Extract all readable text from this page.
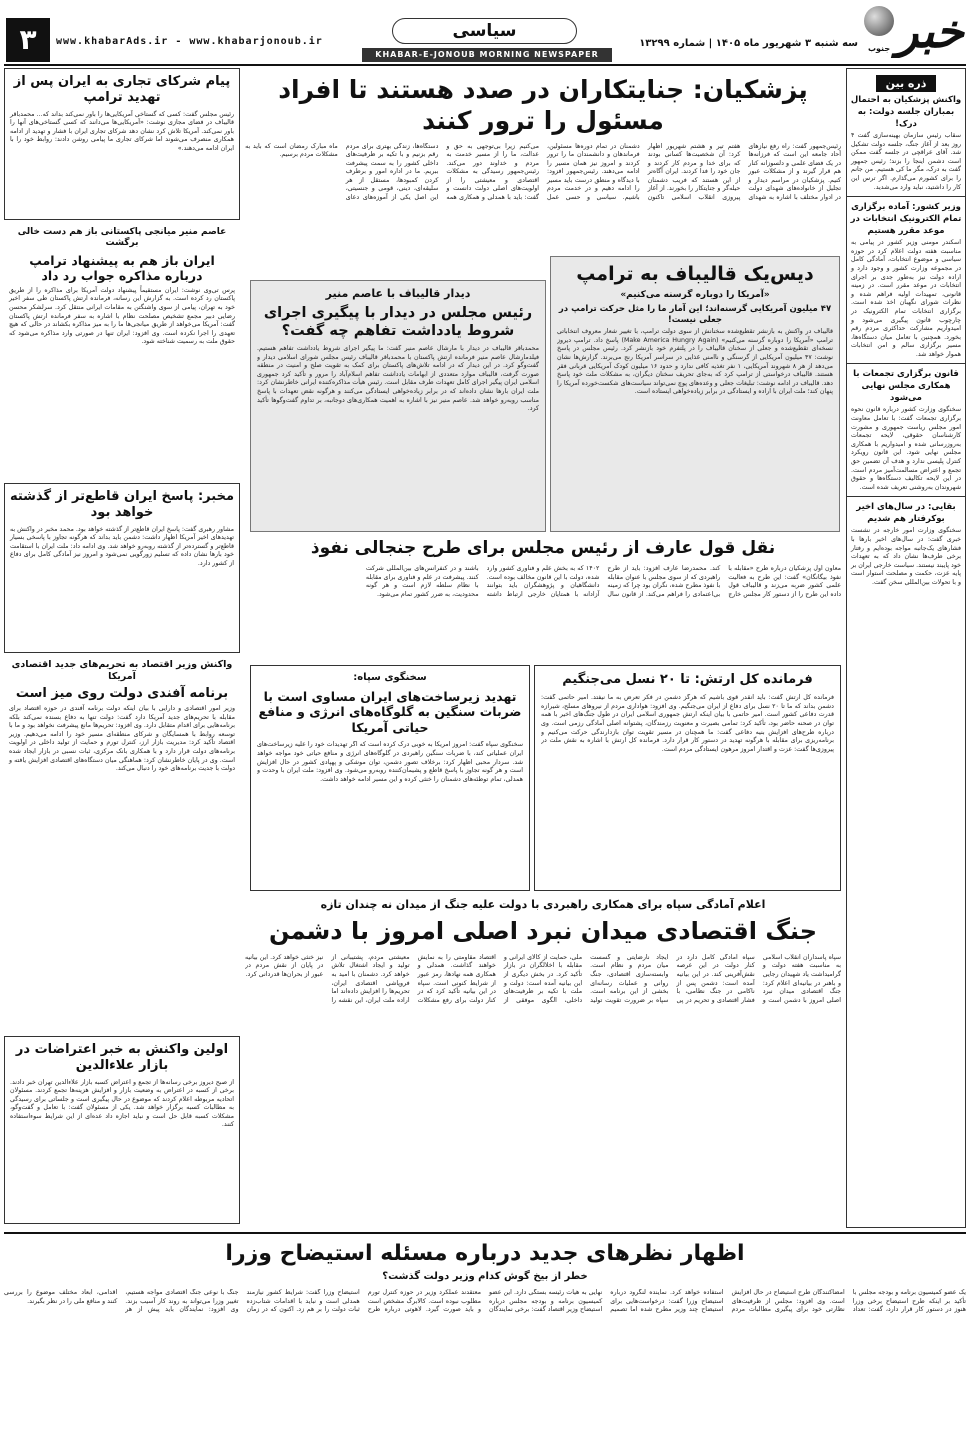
۳	www.khabarAds.ir - www.khabarjonoub.ir
سیاسی
KHABAR-E-JONOUB MORNING NEWSPAPER
سه شنبه ۳ شهریور ماه ۱۴۰۵ | شماره ۱۳۲۹۹ خبر
جنوب
ذره بین
واکنش پزشکیان به احتمال بمباران جلسه دولت: به درک!
سقاب رئیس سازمان بهینه‌سازی گفت ۴ روز بعد از آغاز جنگ، جلسه دولت تشکیل شد. آقای عراقچی در جلسه گفت ممکن است دشمن اینجا را بزند؛ رئیس جمهور گفت به درک، مگر ما کی هستیم. من جانم را برای کشورم می‌گذارم. اگر ترس این کار را داشتید، نباید وارد می‌شدید.
وزیر کشور: آماده برگزاری تمام الکترونیک انتخابات در موعد مقرر هستیم
اسکندر مومنی وزیر کشور در پیامی به مناسبت هفته دولت اعلام کرد در حوزه سیاسی و موضوع انتخابات، آمادگی کامل در مجموعه وزارت کشور و وجود دارد و اراده دولت نیز به‌طور جدی بر اجرای انتخابات در موعد مقرر است. در زمینه قانونی، تمهیدات اولیه فراهم شده و نظرات شورای نگهبان اخذ شده است. برگزاری انتخابات تمام الکترونیک در چارچوب قانون پیگیری می‌شود و امیدواریم مشارکت حداکثری مردم رقم بخورد. همچنین با تعامل میان دستگاه‌ها، مسیر برگزاری سالم و امن انتخابات هموار خواهد شد.
قانون برگزاری تجمعات با همکاری مجلس نهایی می‌شود
سخنگوی وزارت کشور درباره قانون نحوه برگزاری تجمعات گفت: با تعامل معاونت امور مجلس ریاست جمهوری و مشورت کارشناسان حقوقی، لایحه تجمعات به‌روزرسانی شده و امیدواریم با همکاری مجلس نهایی شود. این قانون رویکرد کنترل پلیسی ندارد و هدف آن تضمین حق تجمع و اعتراض مسالمت‌آمیز مردم است. در این لایحه تکالیف دستگاه‌ها و حقوق شهروندان به‌روشنی تعریف شده است.
بقایی: در سال‌های اخیر بوکرفتار هم شدیم
سخنگوی وزارت امور خارجه در نشست خبری گفت: در سال‌های اخیر بارها با فشارهای یک‌جانبه مواجه بوده‌ایم و رفتار برخی طرف‌ها نشان داد که به تعهدات خود پایبند نیستند. سیاست خارجی ایران بر پایه عزت، حکمت و مصلحت استوار است و با تحولات بین‌المللی سخن گفت.
پزشکیان: جنایتکاران در صدد هستند تا افراد مسئول را ترور کنند
رئیس‌جمهور گفت: راه رفع نیازهای آحاد جامعه این است که فرزانه‌ها در یک فضای علمی و دلسوزانه کنار هم قرار گیرند و از مشکلات عبور کنیم. پزشکیان در مراسم دیدار و تجلیل از خانواده‌های شهدای دولت در ادوار مختلف با اشاره به شهدای هفتم تیر و هشتم شهریور اظهار کرد: آن شخصیت‌ها کسانی بودند که برای خدا و مردم کار کردند و جان خود را فدا کردند. ایران آگاه‌تر از این هستند که فریب دشمنان حیله‌گر و جنایتکار را بخورند. از آغاز پیروزی انقلاب اسلامی تاکنون دشمنان در تمام دوره‌ها مسئولین، فرماندهان و دانشمندان ما را ترور کردند و امروز نیز همان مسیر را ادامه می‌دهند. رئیس‌جمهور افزود: با دیدگاه و منطق درست باید مسیر را ادامه دهیم و در خدمت مردم باشیم. سیاسی و حسی عمل می‌کنیم زیرا بی‌توجهی به حق و عدالت، ما را از مسیر خدمت به مردم و خداوند دور می‌کند. رئیس‌جمهور رسیدگی به مشکلات اقتصادی و معیشتی را از اولویت‌های اصلی دولت دانست و گفت: باید با همدلی و همکاری همه دستگاه‌ها، زندگی بهتری برای مردم رقم بزنیم و با تکیه بر ظرفیت‌های داخلی کشور را به سمت پیشرفت ببریم. ما در اداره امور و برطرف کردن کمبودها، مستقل از هر سلیقه‌ای، دینی، قومی و جنسیتی، این اصل یکی از آموزه‌های دعای ماه مبارک رمضان است که باید به مشکلات مردم برسیم.
دیس‌یک قالیباف به ترامپ
«آمریکا را دوباره گرسنه می‌کنیم»
۴۷ میلیون آمریکایی گرسنه‌اند؛ این آمار ما را مثل حرکت ترامپ در جعلی نیست!
قالیباف در واکنش به بازنشر تقطیع‌شده سخنانش از سوی دولت ترامپ، با تغییر شعار معروف انتخاباتی ترامپ «آمریکا را دوباره گرسنه می‌کنیم» (Make America Hungry Again) پاسخ داد. ترامپ دیروز نسخه‌ای تقطیع‌شده و جعلی از سخنان قالیباف را در پلتفرم خود بازنشر کرد. رئیس مجلس در پاسخ نوشت: ۴۷ میلیون آمریکایی از گرسنگی و ناامنی غذایی در سراسر آمریکا رنج می‌برند. گزارش‌ها نشان می‌دهد از هر ۸ شهروند آمریکایی، ۱ نفر تغذیه کافی ندارد و حدود ۱۶ میلیون کودک آمریکایی قربانی فقر هستند. قالیباف درخواستی از ترامپ کرد که به‌جای تحریف سخنان دیگران، به مشکلات ملت خود پاسخ دهد. قالیباف در ادامه نوشت: تبلیغات جعلی و وعده‌های پوچ نمی‌تواند سیاست‌های شکست‌خورده آمریکا را پنهان کند؛ ملت ایران با اراده و ایستادگی در برابر زیاده‌خواهی ایستاده است.
دیدار قالیباف با عاصم منیر
رئیس مجلس در دیدار با پیگیری اجرای شروط یادداشت تفاهم چه گفت؟
محمدباقر قالیباف در دیدار با مارشال عاصم منیر گفت: ما پیگیر اجرای شروط یادداشت تفاهم هستیم. فیلدمارشال عاصم منیر فرمانده ارتش پاکستان با محمدباقر قالیباف رئیس مجلس شورای اسلامی دیدار و گفت‌وگو کرد. در این دیدار که در ادامه تلاش‌های پاکستان برای کمک به تقویت صلح و امنیت در منطقه صورت گرفت، قالیباف موارد متعددی از ابهامات یادداشت تفاهم اسلام‌آباد را مرور و تأکید کرد جمهوری اسلامی ایران پیگیر اجرای کامل تعهدات طرف مقابل است. رئیس هیأت مذاکره‌کننده ایرانی خاطرنشان کرد: ملت ایران بارها نشان داده‌اند که در برابر زیاده‌خواهی ایستادگی می‌کنند و هرگونه نقض تعهدات با پاسخ مناسب روبه‌رو خواهد شد. عاصم منیر نیز با اشاره به اهمیت همکاری‌های دوجانبه، بر تداوم گفت‌وگوها تأکید کرد.
نقل قول عارف از رئیس مجلس برای طرح جنجالی نفوذ
معاون اول پزشکیان درباره طرح «مقابله با نفوذ بیگانگان» گفت: این طرح به فعالیت علمی کشور ضربه می‌زند و قالیباف قول داده این طرح را از دستور کار مجلس خارج کند. محمدرضا عارف افزود: باید از طرح راهبردی که از سوی مجلس با عنوان مقابله با نفوذ مطرح شده، نگران بود چرا که زمینه بی‌اعتمادی را فراهم می‌کند. از قانون سال ۱۴۰۲ که به بخش علم و فناوری کشور وارد شده، دولت با این قانون مخالف بوده است. دانشگاهیان و پژوهشگران باید بتوانند آزادانه با همتایان خارجی ارتباط داشته باشند و در کنفرانس‌های بین‌المللی شرکت کنند. پیشرفت در علم و فناوری برای مقابله با نظام سلطه لازم است و هر گونه محدودیت، به ضرر کشور تمام می‌شود.
فرمانده کل ارتش: تا ۲۰ نسل می‌جنگیم
فرمانده کل ارتش گفت: باید آنقدر قوی باشیم که هرگز دشمن در فکر تعرض به ما نیفتد. امیر حاتمی گفت: دشمن بداند که ما تا ۲۰ نسل برای دفاع از ایران می‌جنگیم. وی افزود: هواداری مردم از نیروهای مسلح، شیرازه قدرت دفاعی کشور است. امیر حاتمی با بیان اینکه ارتش جمهوری اسلامی ایران در طول جنگ‌های اخیر با همه توان در صحنه حاضر بود، تأکید کرد: تمامی بصیرت و معنویت رزمندگان، پشتوانه اصلی آمادگی رزمی است. وی درباره طرح‌های افزایش بنیه دفاعی گفت: ما همچنان در مسیر تقویت توان بازدارندگی حرکت می‌کنیم و برنامه‌ریزی برای مقابله با هرگونه تهدید در دستور کار قرار دارد. فرمانده کل ارتش با اشاره به نقش ملت در پیروزی‌ها گفت: عزت و اقتدار امروز مرهون ایستادگی مردم است.
سخنگوی سپاه:
تهدید زیرساخت‌های ایران مساوی است با ضربات سنگین به گلوگاه‌های انرژی و منافع حیاتی آمریکا
سخنگوی سپاه گفت: امروز آمریکا به خوبی درک کرده است که اگر تهدیدات خود را علیه زیرساخت‌های ایران عملیاتی کند، با ضربات سنگین راهبردی در گلوگاه‌های انرژی و منافع حیاتی خود مواجه خواهد شد. سردار محبی اظهار کرد: برخلاف تصور دشمن، توان موشکی و پهپادی کشور در حال افزایش است و هر گونه تجاوز با پاسخ قاطع و پشیمان‌کننده روبه‌رو می‌شود. وی افزود: ملت ایران با وحدت و همدلی، تمام توطئه‌های دشمنان را خنثی کرده و این مسیر ادامه خواهد داشت.
اعلام آمادگی سپاه برای همکاری راهبردی با دولت علیه جنگ از میدان نه چندان تازه
جنگ اقتصادی میدان نبرد اصلی امروز با دشمن
سپاه پاسداران انقلاب اسلامی به مناسبت هفته دولت و گرامیداشت یاد شهیدان رجایی و باهنر در بیانیه‌ای اعلام کرد: جنگ اقتصادی میدان نبرد اصلی امروز با دشمن است و سپاه آمادگی کامل دارد در کنار دولت در این عرصه نقش‌آفرینی کند. در این بیانیه آمده است: دشمن پس از ناکامی در جنگ نظامی، با فشار اقتصادی و تحریم در پی ایجاد نارضایتی و گسست میان مردم و نظام است. وابسته‌سازی اقتصادی، جنگ روانی و عملیات رسانه‌ای بخشی از این برنامه است. سپاه بر ضرورت تقویت تولید ملی، حمایت از کالای ایرانی و مقابله با اخلالگران در بازار تأکید کرد. در بخش دیگری از این بیانیه آمده است: دولت و ملت با تکیه بر ظرفیت‌های داخلی، الگوی موفقی از اقتصاد مقاومتی را به نمایش خواهند گذاشت. همدلی و همکاری همه نهادها، رمز عبور از شرایط کنونی است. سپاه در این بیانیه تأکید کرد که در کنار دولت برای رفع مشکلات معیشتی مردم، پشتیبانی از تولید و ایجاد اشتغال تلاش خواهد کرد. دشمنان با امید به فروپاشی اقتصادی ایران، تحریم‌ها را افزایش داده‌اند اما اراده ملت ایران، این نقشه را نیز خنثی خواهد کرد. این بیانیه در پایان از نقش مردم در عبور از بحران‌ها قدردانی کرد.
پیام شرکای تجاری به ایران پس از تهدید ترامپ
رئیس مجلس گفت: کسی که گستاخی آمریکایی‌ها را باور نمی‌کند بداند که... محمدباقر قالیباف در فضای مجازی نوشت: «آمریکایی‌ها می‌دانند که کسی گستاخی‌های آنها را باور نمی‌کند. آمریکا تلاش کرد نشان دهد شرکای تجاری ایران با فشار و تهدید از ادامه همکاری منصرف می‌شوند اما شرکای تجاری ما پیامی روشن دادند: روابط خود را با ایران ادامه می‌دهند.»
عاصم منیر میانجی پاکستانی باز هم دست خالی برگشت
ایران باز هم به پیشنهاد ترامپ درباره مذاکره جواب رد داد
پرس تی‌وی نوشت: ایران مستقیماً پیشنهاد دولت آمریکا برای مذاکره را از طریق پاکستان رد کرده است. به گزارش این رسانه، فرمانده ارتش پاکستان طی سفر اخیر خود به تهران، پیامی از سوی واشنگتن به مقامات ایرانی منتقل کرد. سرلشکر محسن رضایی دبیر مجمع تشخیص مصلحت نظام با اشاره به سفر فرمانده ارتش پاکستان گفت: آمریکا می‌خواهد از طریق میانجی‌ها ما را به میز مذاکره بکشاند در حالی که هیچ تعهدی را اجرا نکرده است. وی افزود: ایران تنها در صورتی وارد مذاکره می‌شود که حقوق ملت به رسمیت شناخته شود.
مخبر: پاسخ ایران قاطع‌تر از گذشته خواهد بود
مشاور رهبری گفت: پاسخ ایران قاطع‌تر از گذشته خواهد بود. محمد مخبر در واکنش به تهدیدهای اخیر آمریکا اظهار داشت: دشمن باید بداند که هرگونه تجاوز با پاسخی بسیار قاطع‌تر و گسترده‌تر از گذشته روبه‌رو خواهد شد. وی ادامه داد: ملت ایران با استقامت خود بارها نشان داده که تسلیم زورگویی نمی‌شود و امروز نیز آمادگی کامل برای دفاع از کشور دارد.
واکنش وزیر اقتصاد به تحریم‌های جدید اقتصادی آمریکا
برنامه آفندی دولت روی میز است
وزیر امور اقتصادی و دارایی با بیان اینکه دولت برنامه آفندی در حوزه اقتصاد برای مقابله با تحریم‌های جدید آمریکا دارد گفت: دولت تنها به دفاع بسنده نمی‌کند بلکه برنامه‌هایی برای اقدام متقابل دارد. وی افزود: تحریم‌ها مانع پیشرفت نخواهد بود و ما با توسعه روابط با همسایگان و شرکای منطقه‌ای مسیر خود را ادامه می‌دهیم. وزیر اقتصاد تأکید کرد: مدیریت بازار ارز، کنترل تورم و حمایت از تولید داخلی در اولویت برنامه‌های دولت قرار دارد و با همکاری بانک مرکزی، ثبات نسبی در بازار ایجاد شده است. وی در پایان خاطرنشان کرد: هماهنگی میان دستگاه‌های اقتصادی افزایش یافته و دولت با جدیت برنامه‌های خود را دنبال می‌کند.
اولین واکنش به خبر اعتراضات در بازار علاءالدین
از صبح دیروز برخی رسانه‌ها از تجمع و اعتراض کسبه بازار علاءالدین تهران خبر دادند. برخی از کسبه در اعتراض به وضعیت بازار و افزایش هزینه‌ها تجمع کردند. مسئولان اتحادیه مربوطه اعلام کردند که موضوع در حال پیگیری است و جلساتی برای رسیدگی به مطالبات کسبه برگزار خواهد شد. یکی از مسئولان گفت: با تعامل و گفت‌وگو، مشکلات کسبه قابل حل است و نباید اجازه داد عده‌ای از این شرایط سوءاستفاده کنند.
اظهار نظرهای جدید درباره مسئله استیضاح وزرا
خطر از بیخ گوش کدام وزیر دولت گذشت؟
یک عضو کمیسیون برنامه و بودجه مجلس با تأکید بر اینکه طرح استیضاح برخی وزرا هنوز در دستور کار قرار دارد، گفت: تعداد امضاکنندگان طرح استیضاح در حال افزایش است. وی افزود: مجلس از ظرفیت‌های نظارتی خود برای پیگیری مطالبات مردم استفاده خواهد کرد. نماینده لنگرود درباره استیضاح وزرا گفت: درخواست‌هایی برای استیضاح چند وزیر مطرح شده اما تصمیم نهایی به هیأت رئیسه بستگی دارد. این عضو کمیسیون برنامه و بودجه مجلس درباره استیضاح وزیر اقتصاد گفت: برخی نمایندگان معتقدند عملکرد وزیر در حوزه کنترل تورم مطلوب نبوده است. کالابرگ مشخص است و باید صورت گیرد. لاهوتی درباره طرح استیضاح وزرا گفت: شرایط کشور نیازمند همدلی است و نباید با اقدامات شتاب‌زده ثبات دولت را بر هم زد. اکنون که در زمان جنگ با نوعی جنگ اقتصادی مواجه هستیم، تغییر وزرا می‌تواند به روند کار آسیب بزند. وی افزود: نمایندگان باید پیش از هر اقدامی، ابعاد مختلف موضوع را بررسی کنند و منافع ملی را در نظر بگیرند.
